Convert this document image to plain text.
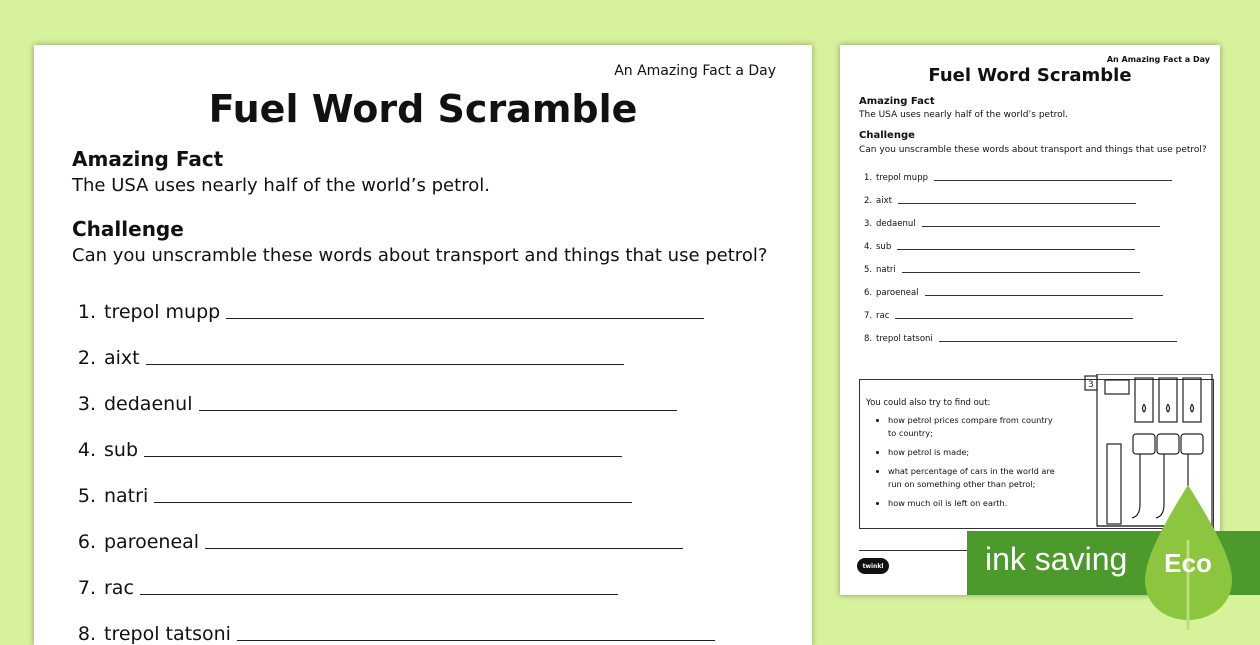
An Amazing Fact a Day
Fuel Word Scramble
Amazing Fact
The USA uses nearly half of the world’s petrol.
Challenge
Can you unscramble these words about transport and things that use petrol?
1. trepol mupp
2. aixt
3. dedaenul
4. sub
5. natri
6. paroeneal
7. rac
8. trepol tatsoni
An Amazing Fact a Day
Fuel Word Scramble
Amazing Fact
The USA uses nearly half of the world’s petrol.
Challenge
Can you unscramble these words about transport and things that use petrol?
1. trepol mupp
2. aixt
3. dedaenul
4. sub
5. natri
6. paroeneal
7. rac
8. trepol tatsoni
You could also try to find out:
• how petrol prices compare from country to country;
• how petrol is made;
• what percentage of cars in the world are run on something other than petrol;
• how much oil is left on earth.
3
twinkl	ink saving Eco
